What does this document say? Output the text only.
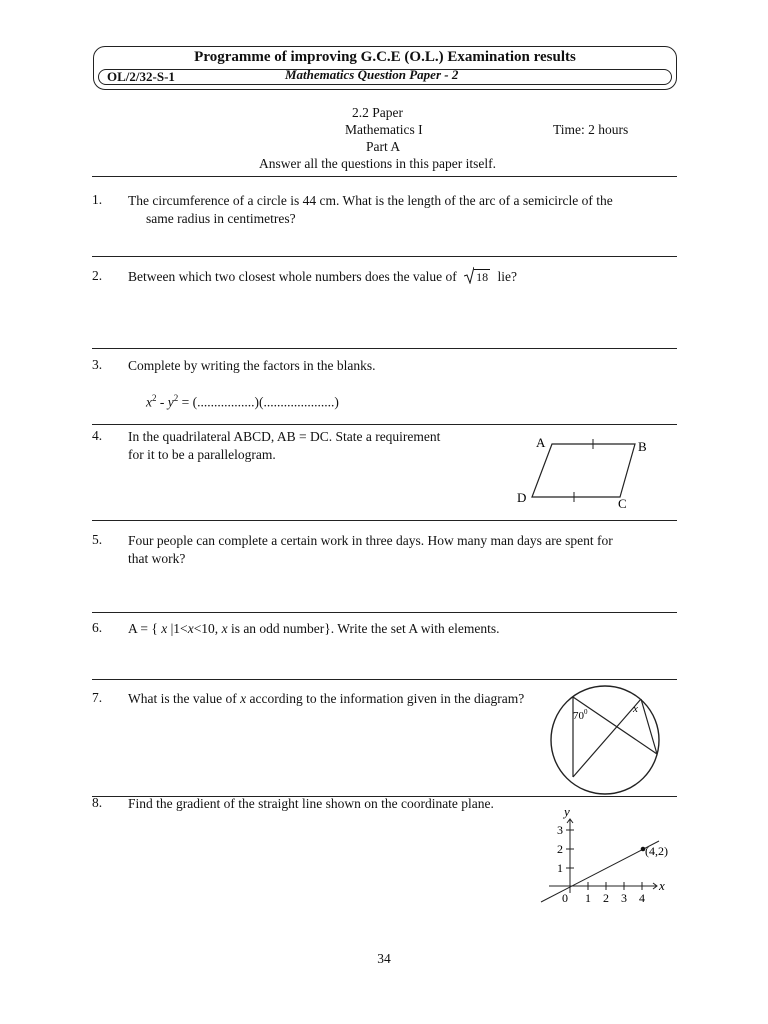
Programme of improving G.C.E (O.L.) Examination results
OL/2/32-S-1	Mathematics Question Paper - 2
2.2 Paper
Mathematics I	Time: 2 hours
Part A
Answer all the questions in this paper itself.
1. The circumference of a circle is 44 cm. What is the length of the arc of a semicircle of the
same radius in centimetres?
2. Between which two closest whole numbers does the value of 18 lie?
3. Complete by writing the factors in the blanks.
$x^2 - y^2$ = (.................)(.....................)
4. In the quadrilateral ABCD, AB = DC. State a requirement
for it to be a parallelogram.
A	B
C
D
5. Four people can complete a certain work in three days. How many man days are spent for
that work?
6. A = { x |1<x<10, x is an odd number}. Write the set A with elements.
7. What is the value of x according to the information given in the diagram?
$70^0$	x
8. Find the gradient of the straight line shown on the coordinate plane.
0 1 2 3 4
1
2
3
x
y
(4,2)
34
